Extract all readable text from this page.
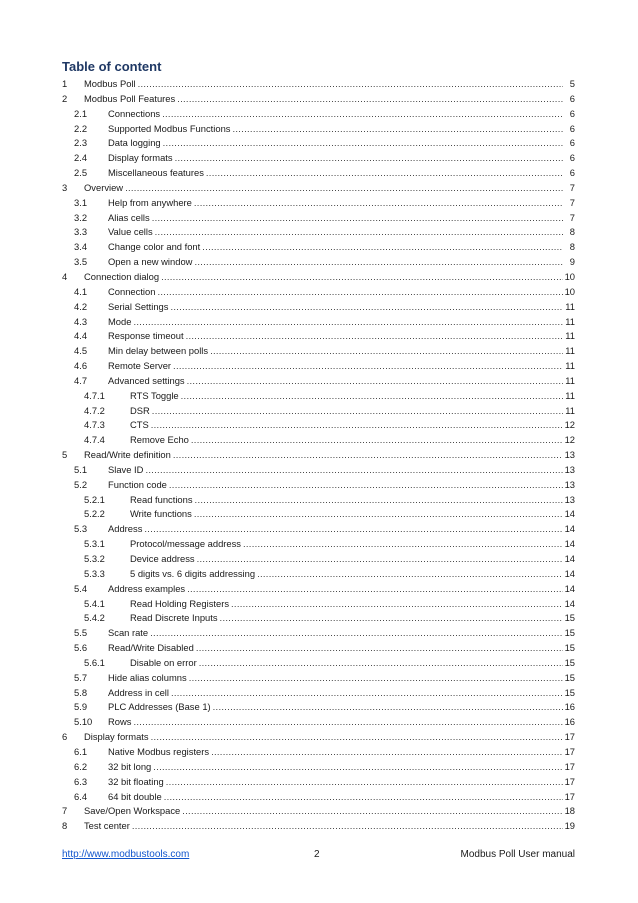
Table of content
1	Modbus Poll .....	5
2	Modbus Poll Features .....	6
2.1	Connections .....	6
2.2	Supported Modbus Functions .....	6
2.3	Data logging .....	6
2.4	Display formats .....	6
2.5	Miscellaneous features .....	6
3	Overview .....	7
3.1	Help from anywhere .....	7
3.2	Alias cells .....	7
3.3	Value cells .....	8
3.4	Change color and font .....	8
3.5	Open a new window .....	9
4	Connection dialog .....	10
4.1	Connection .....	10
4.2	Serial Settings .....	11
4.3	Mode .....	11
4.4	Response timeout .....	11
4.5	Min delay between polls .....	11
4.6	Remote Server .....	11
4.7	Advanced settings .....	11
4.7.1	RTS Toggle .....	11
4.7.2	DSR .....	11
4.7.3	CTS .....	12
4.7.4	Remove Echo .....	12
5	Read/Write definition .....	13
5.1	Slave ID .....	13
5.2	Function code .....	13
5.2.1	Read functions .....	13
5.2.2	Write functions .....	14
5.3	Address .....	14
5.3.1	Protocol/message address .....	14
5.3.2	Device address .....	14
5.3.3	5 digits vs. 6 digits addressing .....	14
5.4	Address examples .....	14
5.4.1	Read Holding Registers .....	14
5.4.2	Read Discrete Inputs .....	15
5.5	Scan rate .....	15
5.6	Read/Write Disabled .....	15
5.6.1	Disable on error .....	15
5.7	Hide alias columns .....	15
5.8	Address in cell .....	15
5.9	PLC Addresses (Base 1) .....	16
5.10	Rows .....	16
6	Display formats .....	17
6.1	Native Modbus registers .....	17
6.2	32 bit long .....	17
6.3	32 bit floating .....	17
6.4	64 bit double .....	17
7	Save/Open Workspace .....	18
8	Test center .....	19
http://www.modbustools.com	2	Modbus Poll User manual
